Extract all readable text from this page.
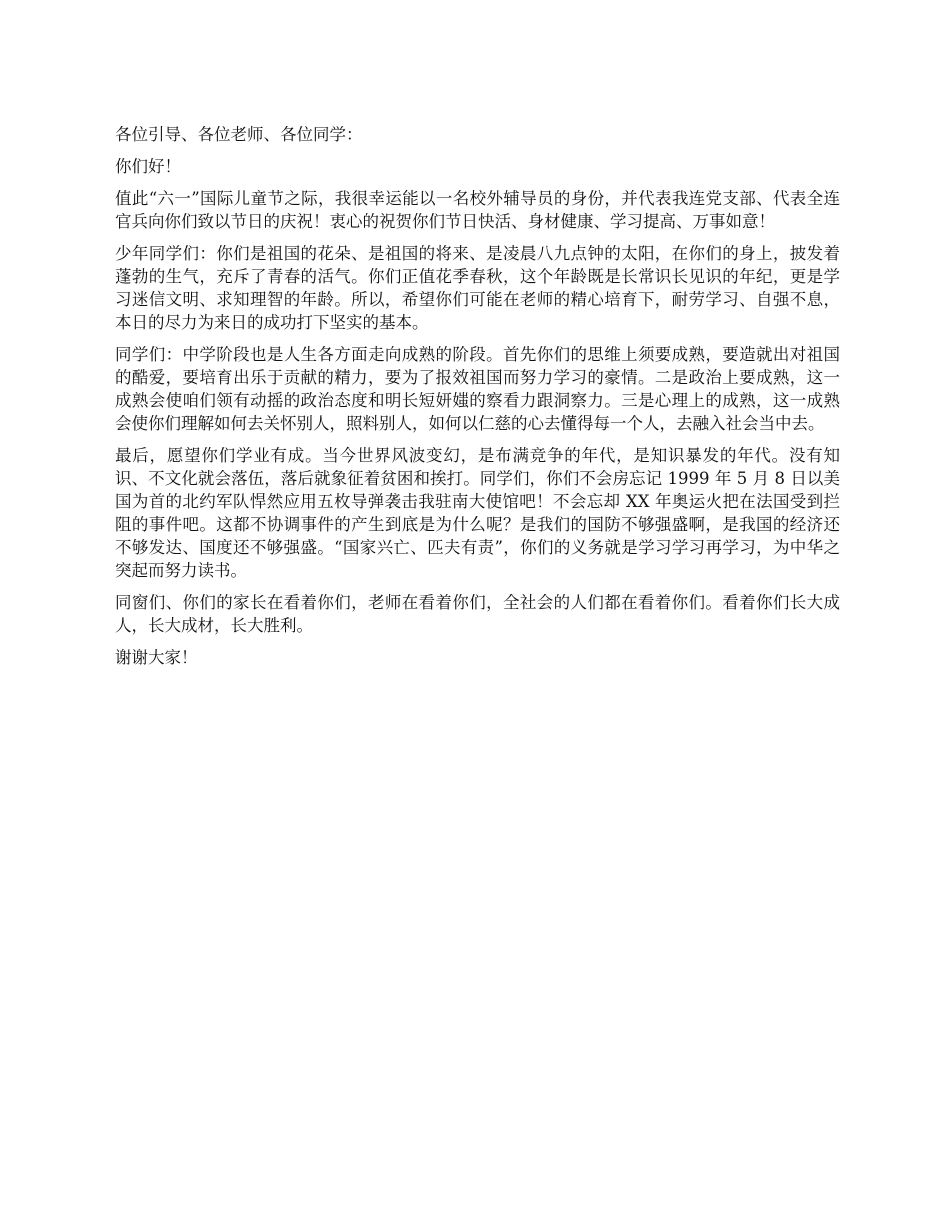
各位引导、各位老师、各位同学：

你们好！

值此“六一”国际儿童节之际，我很幸运能以一名校外辅导员的身份，并代表我连党支部、代表全连官兵向你们致以节日的庆祝！衷心的祝贺你们节日快活、身材健康、学习提高、万事如意！

少年同学们：你们是祖国的花朵、是祖国的将来、是凌晨八九点钟的太阳，在你们的身上，披发着蓬勃的生气，充斥了青春的活气。你们正值花季春秋，这个年龄既是长常识长见识的年纪，更是学习迷信文明、求知理智的年龄。所以，希望你们可能在老师的精心培育下，耐劳学习、自强不息，本日的尽力为来日的成功打下坚实的基本。

同学们：中学阶段也是人生各方面走向成熟的阶段。首先你们的思维上须要成熟，要造就出对祖国的酷爱，要培育出乐于贡献的精力，要为了报效祖国而努力学习的豪情。二是政治上要成熟，这一成熟会使咱们领有动摇的政治态度和明长短妍媸的察看力跟洞察力。三是心理上的成熟，这一成熟会使你们理解如何去关怀别人，照料别人，如何以仁慈的心去懂得每一个人，去融入社会当中去。

最后，愿望你们学业有成。当今世界风波变幻，是布满竞争的年代，是知识暴发的年代。没有知识、不文化就会落伍，落后就象征着贫困和挨打。同学们，你们不会房忘记 1999 年 5 月 8 日以美国为首的北约军队悍然应用五枚导弹袭击我驻南大使馆吧！不会忘却 XX 年奥运火把在法国受到拦阻的事件吧。这都不协调事件的产生到底是为什么呢？是我们的国防不够强盛啊，是我国的经济还不够发达、国度还不够强盛。“国家兴亡、匹夫有责”，你们的义务就是学习学习再学习，为中华之突起而努力读书。

同窗们、你们的家长在看着你们，老师在看着你们，全社会的人们都在看着你们。看着你们长大成人，长大成材，长大胜利。

谢谢大家！
